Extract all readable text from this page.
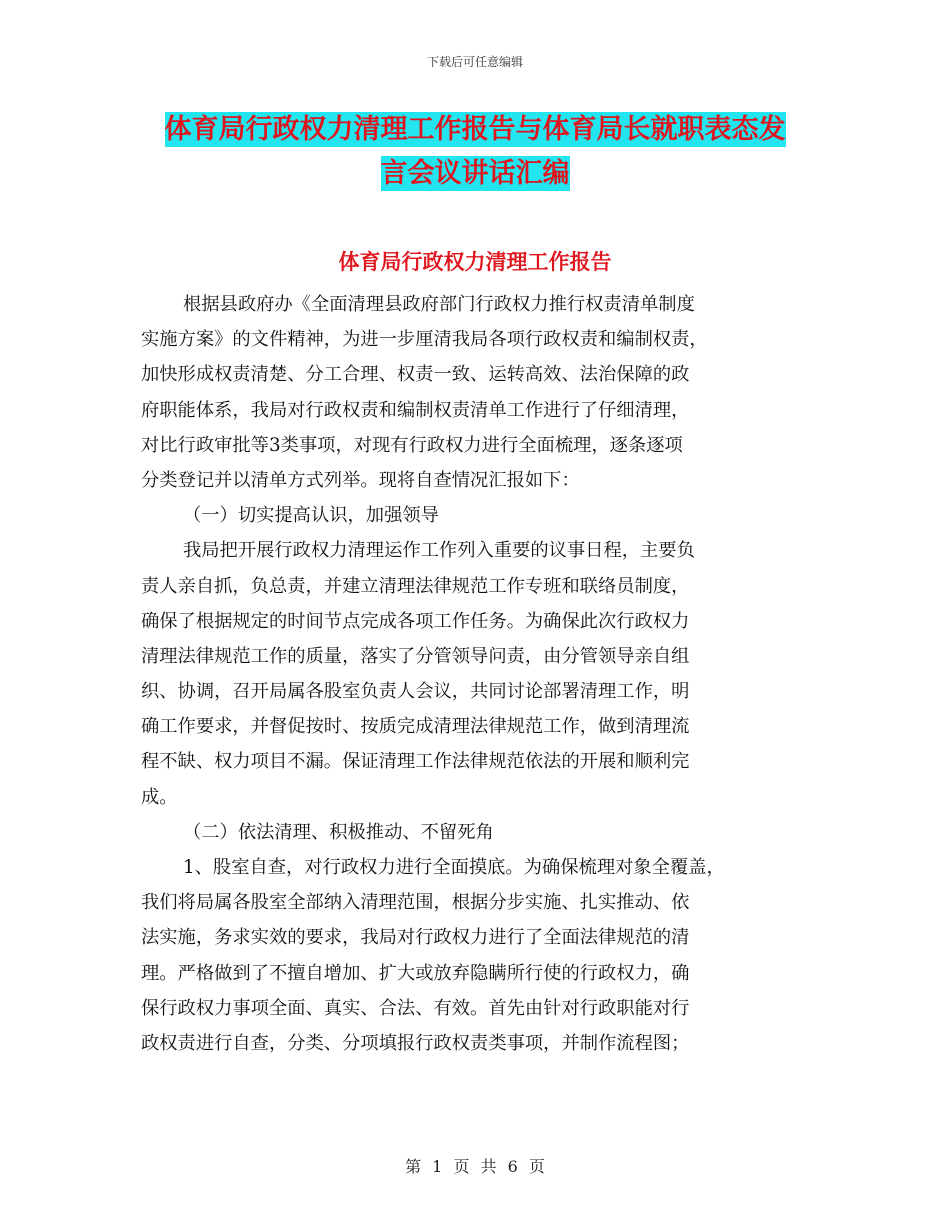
下载后可任意编辑
体育局行政权力清理工作报告与体育局长就职表态发
言会议讲话汇编
体育局行政权力清理工作报告
根据县政府办《全面清理县政府部门行政权力推行权责清单制度
实施方案》的文件精神，为进一步厘清我局各项行政权责和编制权责，
加快形成权责清楚、分工合理、权责一致、运转高效、法治保障的政
府职能体系，我局对行政权责和编制权责清单工作进行了仔细清理，
对比行政审批等3类事项，对现有行政权力进行全面梳理，逐条逐项
分类登记并以清单方式列举。现将自查情况汇报如下：
（一）切实提高认识，加强领导
我局把开展行政权力清理运作工作列入重要的议事日程，主要负
责人亲自抓，负总责，并建立清理法律规范工作专班和联络员制度，
确保了根据规定的时间节点完成各项工作任务。为确保此次行政权力
清理法律规范工作的质量，落实了分管领导问责，由分管领导亲自组
织、协调，召开局属各股室负责人会议，共同讨论部署清理工作，明
确工作要求，并督促按时、按质完成清理法律规范工作，做到清理流
程不缺、权力项目不漏。保证清理工作法律规范依法的开展和顺利完
成。
（二）依法清理、积极推动、不留死角
1、股室自查，对行政权力进行全面摸底。为确保梳理对象全覆盖，
我们将局属各股室全部纳入清理范围，根据分步实施、扎实推动、依
法实施，务求实效的要求，我局对行政权力进行了全面法律规范的清
理。严格做到了不擅自增加、扩大或放弃隐瞒所行使的行政权力，确
保行政权力事项全面、真实、合法、有效。首先由针对行政职能对行
政权责进行自查，分类、分项填报行政权责类事项，并制作流程图；
第 1 页 共 6 页
